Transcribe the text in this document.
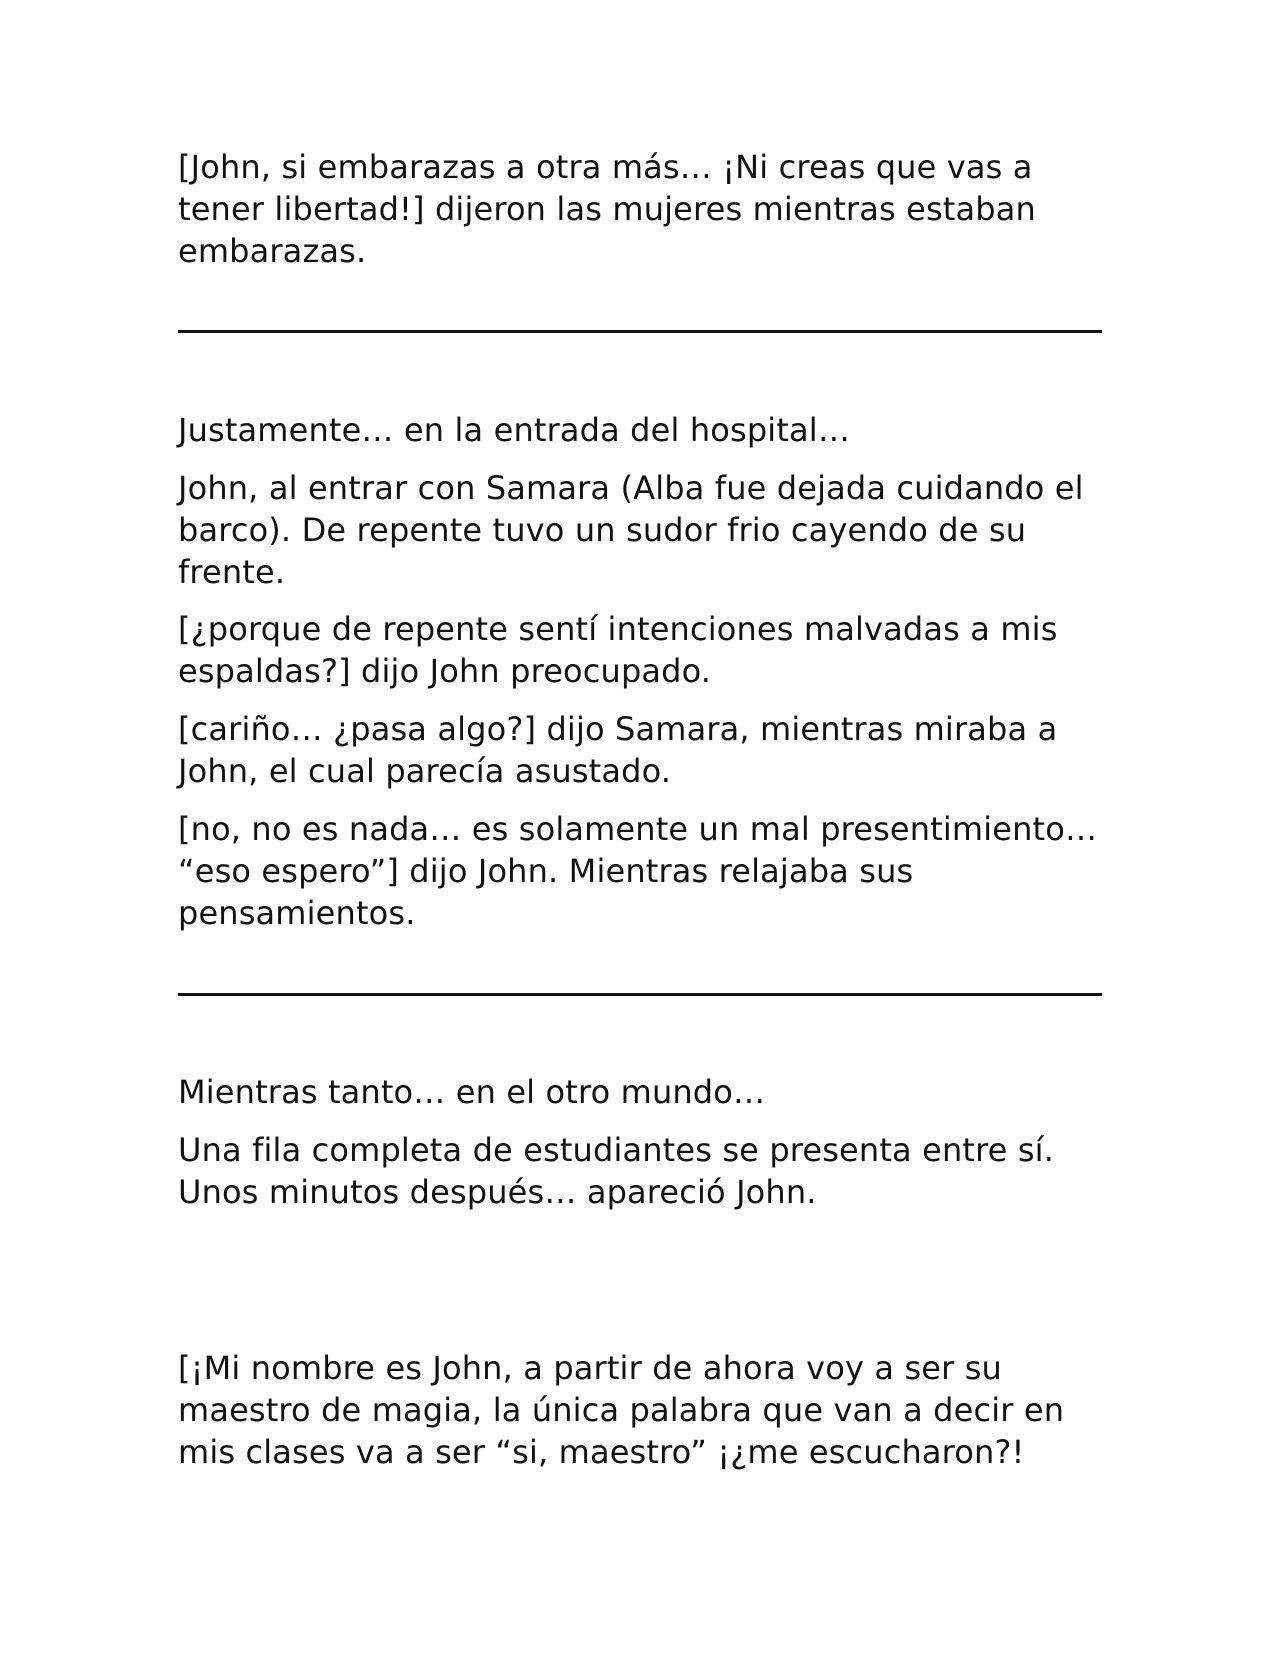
[John, si embarazas a otra más… ¡Ni creas que vas a tener libertad!] dijeron las mujeres mientras estaban embarazas.

Justamente… en la entrada del hospital…

John, al entrar con Samara (Alba fue dejada cuidando el barco). De repente tuvo un sudor frio cayendo de su frente.

[¿porque de repente sentí intenciones malvadas a mis espaldas?] dijo John preocupado.

[cariño… ¿pasa algo?] dijo Samara, mientras miraba a John, el cual parecía asustado.

[no, no es nada… es solamente un mal presentimiento… “eso espero”] dijo John. Mientras relajaba sus pensamientos.

Mientras tanto… en el otro mundo…

Una fila completa de estudiantes se presenta entre sí. Unos minutos después… apareció John.

[¡Mi nombre es John, a partir de ahora voy a ser su maestro de magia, la única palabra que van a decir en mis clases va a ser “si, maestro” ¡¿me escucharon?!
